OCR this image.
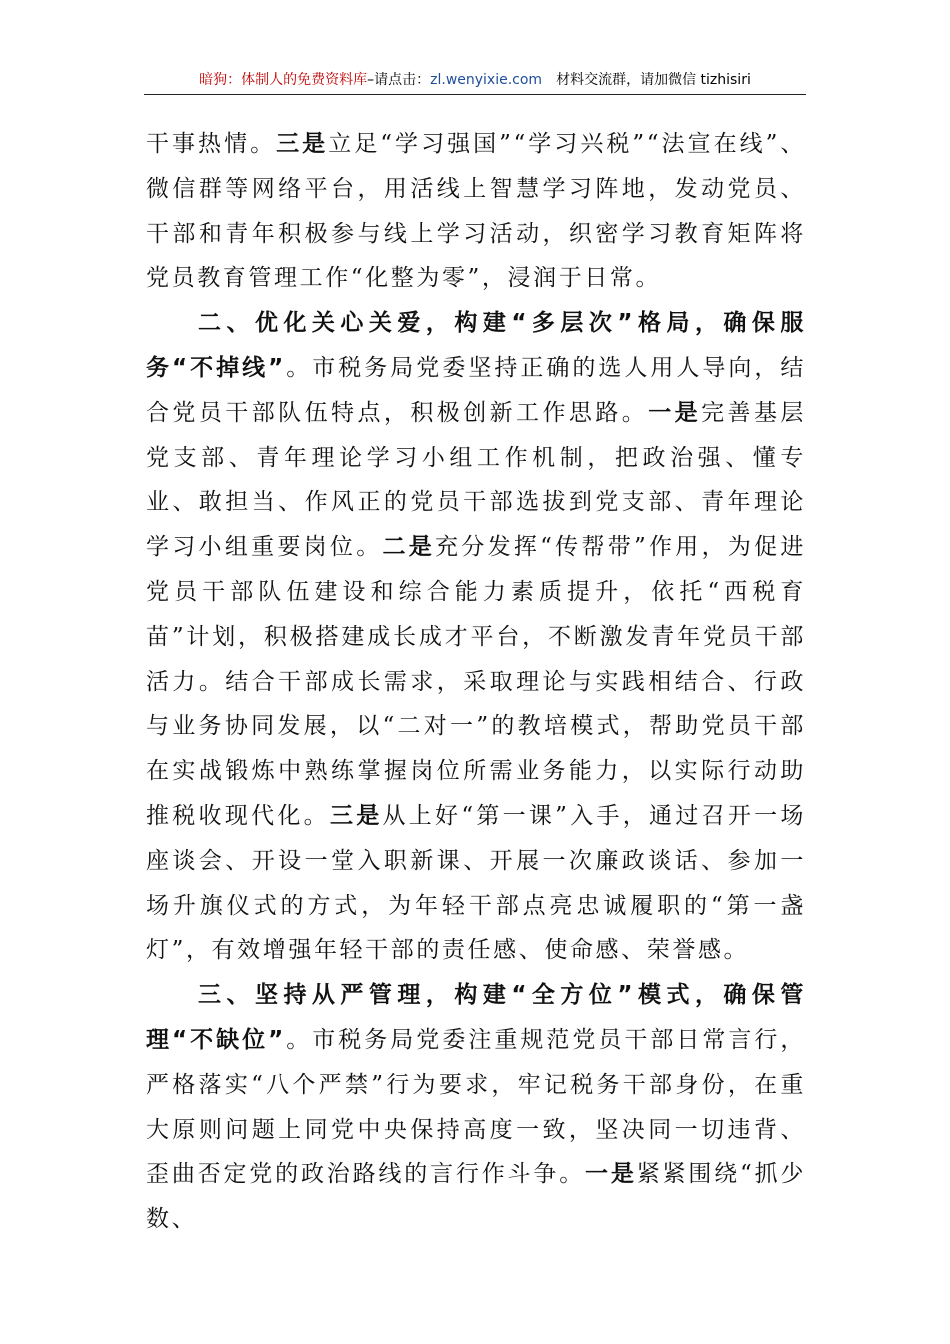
暗狗：体制人的免费资料库–请点击：zl.wenyixie.com 材料交流群，请加微信 tizhisiri

干事热情。三是立足“学习强国”“学习兴税”“法宣在线”、微信群等网络平台，用活线上智慧学习阵地，发动党员、干部和青年积极参与线上学习活动，织密学习教育矩阵将党员教育管理工作“化整为零”，浸润于日常。

二、优化关心关爱，构建“多层次”格局，确保服务“不掉线”。市税务局党委坚持正确的选人用人导向，结合党员干部队伍特点，积极创新工作思路。一是完善基层党支部、青年理论学习小组工作机制，把政治强、懂专业、敢担当、作风正的党员干部选拔到党支部、青年理论学习小组重要岗位。二是充分发挥“传帮带”作用，为促进党员干部队伍建设和综合能力素质提升，依托“西税育苗”计划，积极搭建成长成才平台，不断激发青年党员干部活力。结合干部成长需求，采取理论与实践相结合、行政与业务协同发展，以“二对一”的教培模式，帮助党员干部在实战锻炼中熟练掌握岗位所需业务能力，以实际行动助推税收现代化。三是从上好“第一课”入手，通过召开一场座谈会、开设一堂入职新课、开展一次廉政谈话、参加一场升旗仪式的方式，为年轻干部点亮忠诚履职的“第一盏灯”，有效增强年轻干部的责任感、使命感、荣誉感。

三、坚持从严管理，构建“全方位”模式，确保管理“不缺位”。市税务局党委注重规范党员干部日常言行，严格落实“八个严禁”行为要求，牢记税务干部身份，在重大原则问题上同党中央保持高度一致，坚决同一切违背、歪曲否定党的政治路线的言行作斗争。一是紧紧围绕“抓少数、
